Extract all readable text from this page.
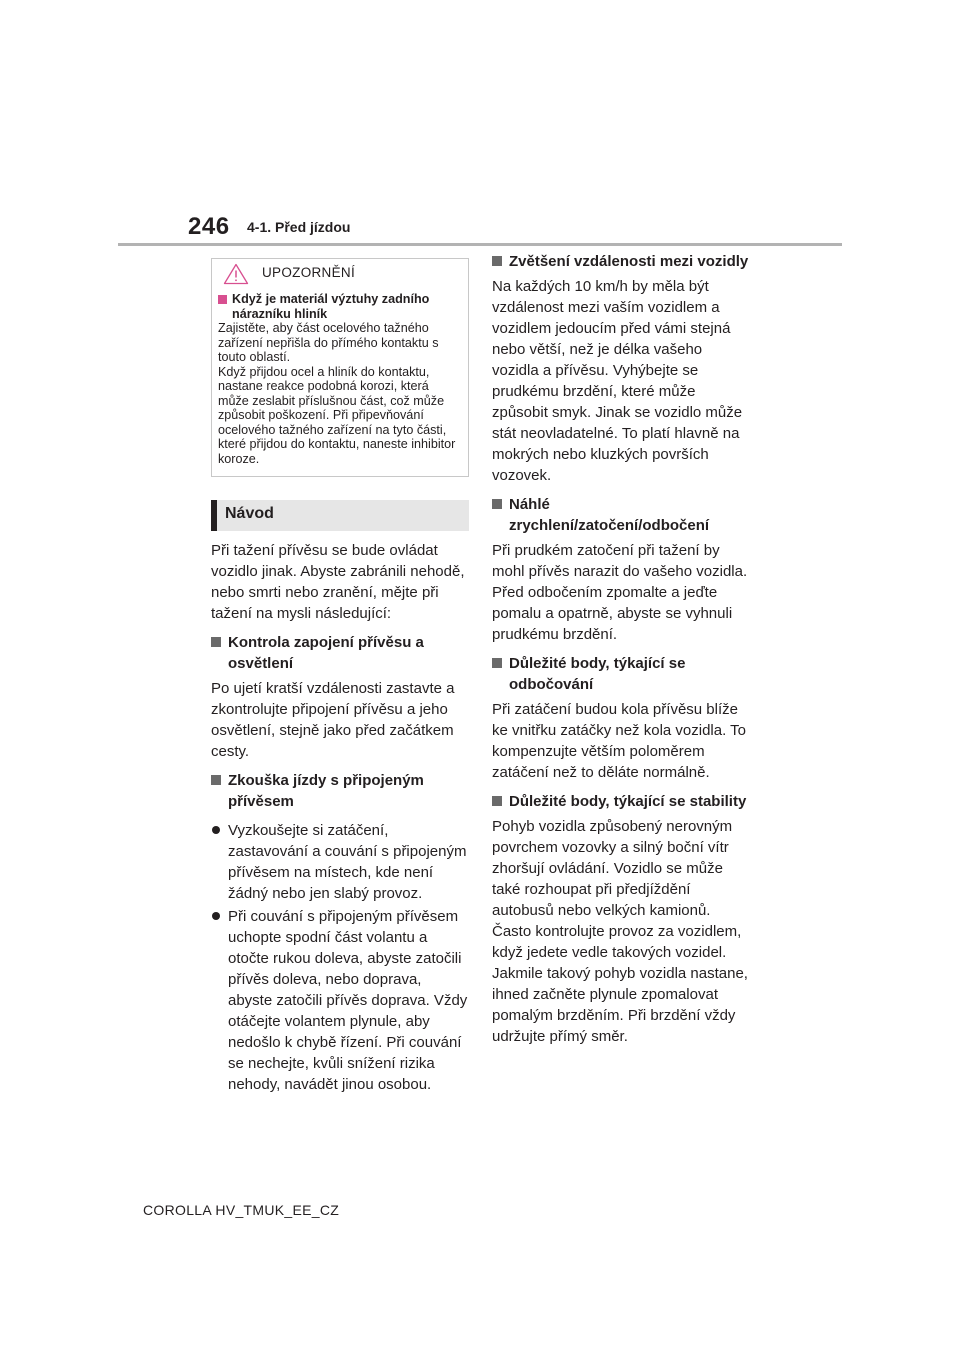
246 4-1. Před jízdou
UPOZORNĚNÍ
Když je materiál výztuhy zadního nárazníku hliník

Zajistěte, aby část ocelového tažného zařízení nepřišla do přímého kontaktu s touto oblastí.

Když přijdou ocel a hliník do kontaktu, nastane reakce podobná korozi, která může zeslabit příslušnou část, což může způsobit poškození. Při připevňování ocelového tažného zařízení na tyto části, které přijdou do kontaktu, naneste inhibitor koroze.

Návod

Při tažení přívěsu se bude ovládat vozidlo jinak. Abyste zabránili nehodě, nebo smrti nebo zranění, mějte při tažení na mysli následující:

Kontrola zapojení přívěsu a osvětlení

Po ujetí kratší vzdálenosti zastavte a zkontrolujte připojení přívěsu a jeho osvětlení, stejně jako před začátkem cesty.

Zkouška jízdy s připojeným přívěsem
Vyzkoušejte si zatáčení, zastavování a couvání s připojeným přívěsem na místech, kde není žádný nebo jen slabý provoz.
Při couvání s připojeným přívěsem uchopte spodní část volantu a otočte rukou doleva, abyste zatočili přívěs doleva, nebo doprava, abyste zatočili přívěs doprava. Vždy otáčejte volantem plynule, aby nedošlo k chybě řízení. Při couvání se nechejte, kvůli snížení rizika nehody, navádět jinou osobou.
Zvětšení vzdálenosti mezi vozidly

Na každých 10 km/h by měla být vzdálenost mezi vaším vozidlem a vozidlem jedoucím před vámi stejná nebo větší, než je délka vašeho vozidla a přívěsu. Vyhýbejte se prudkému brzdění, které může způsobit smyk. Jinak se vozidlo může stát neovladatelné. To platí hlavně na mokrých nebo kluzkých površích vozovek.

Náhlé zrychlení/zatočení/odbočení

Při prudkém zatočení při tažení by mohl přívěs narazit do vašeho vozidla. Před odbočením zpomalte a jeďte pomalu a opatrně, abyste se vyhnuli prudkému brzdění.

Důležité body, týkající se odbočování

Při zatáčení budou kola přívěsu blíže ke vnitřku zatáčky než kola vozidla. To kompenzujte větším poloměrem zatáčení než to děláte normálně.

Důležité body, týkající se stability

Pohyb vozidla způsobený nerovným povrchem vozovky a silný boční vítr zhoršují ovládání. Vozidlo se může také rozhoupat při předjíždění autobusů nebo velkých kamionů. Často kontrolujte provoz za vozidlem, když jedete vedle takových vozidel. Jakmile takový pohyb vozidla nastane, ihned začněte plynule zpomalovat pomalým brzděním. Při brzdění vždy udržujte přímý směr.

COROLLA HV_TMUK_EE_CZ
